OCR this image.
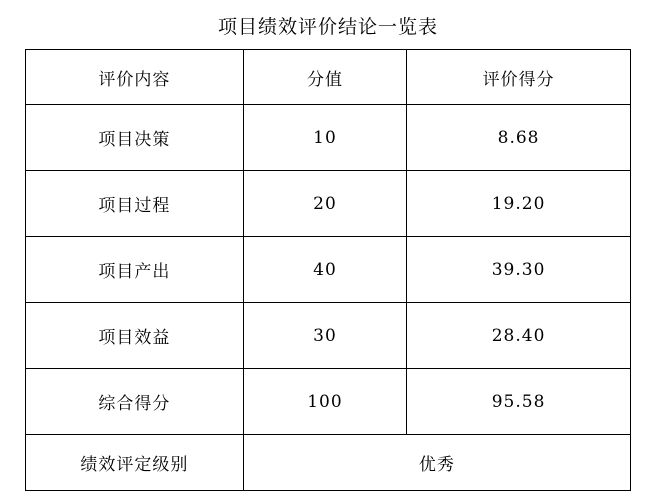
项目绩效评价结论一览表
评价内容	分值	评价得分
项目决策	10	8.68
项目过程	20	19.20
项目产出	40	39.30
项目效益	30	28.40
综合得分	100	95.58
绩效评定级别	优秀	
